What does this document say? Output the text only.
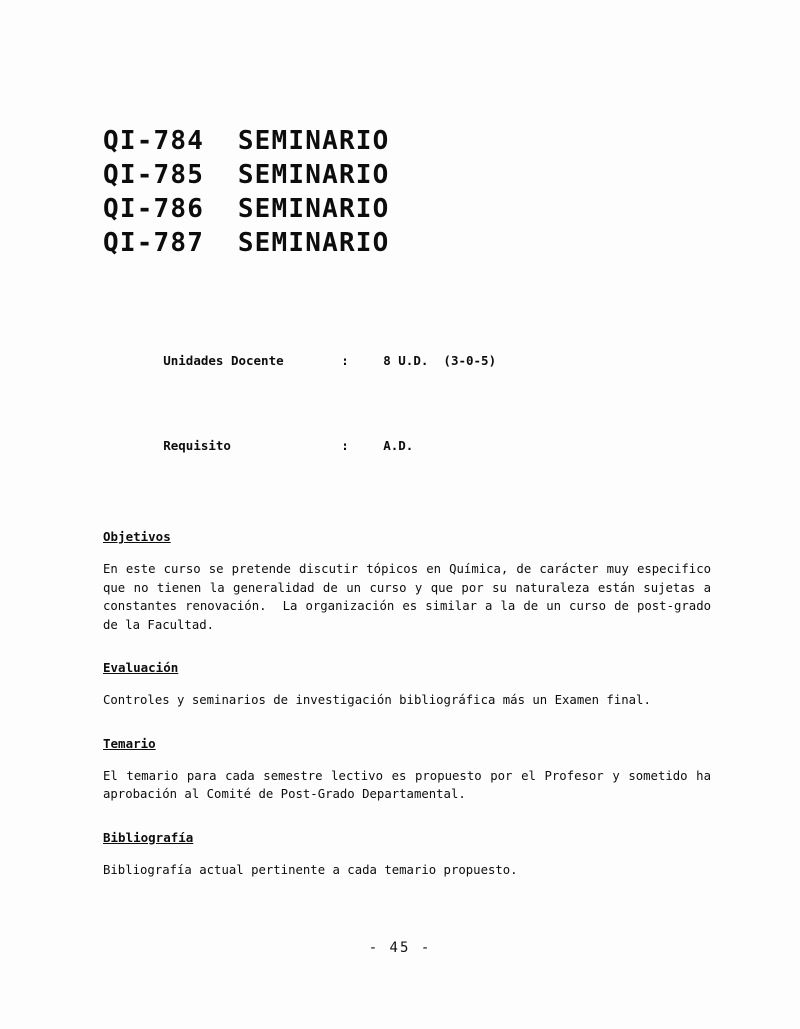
QI-784  SEMINARIO
QI-785  SEMINARIO
QI-786  SEMINARIO
QI-787  SEMINARIO

Unidades Docente	:	8 U.D.  (3-0-5)

Requisito	:	A.D.

Objetivos

En este curso se pretende discutir tópicos en Química, de carácter muy especifico que no tienen la generalidad de un curso y que por su naturaleza están sujetas a constantes renovación.  La organización es similar a la de un curso de post-grado de la Facultad.

Evaluación

Controles y seminarios de investigación bibliográfica más un Examen final.

Temario

El temario para cada semestre lectivo es propuesto por el Profesor y sometido ha aprobación al Comité de Post-Grado Departamental.

Bibliografía

Bibliografía actual pertinente a cada temario propuesto.

- 45 -
